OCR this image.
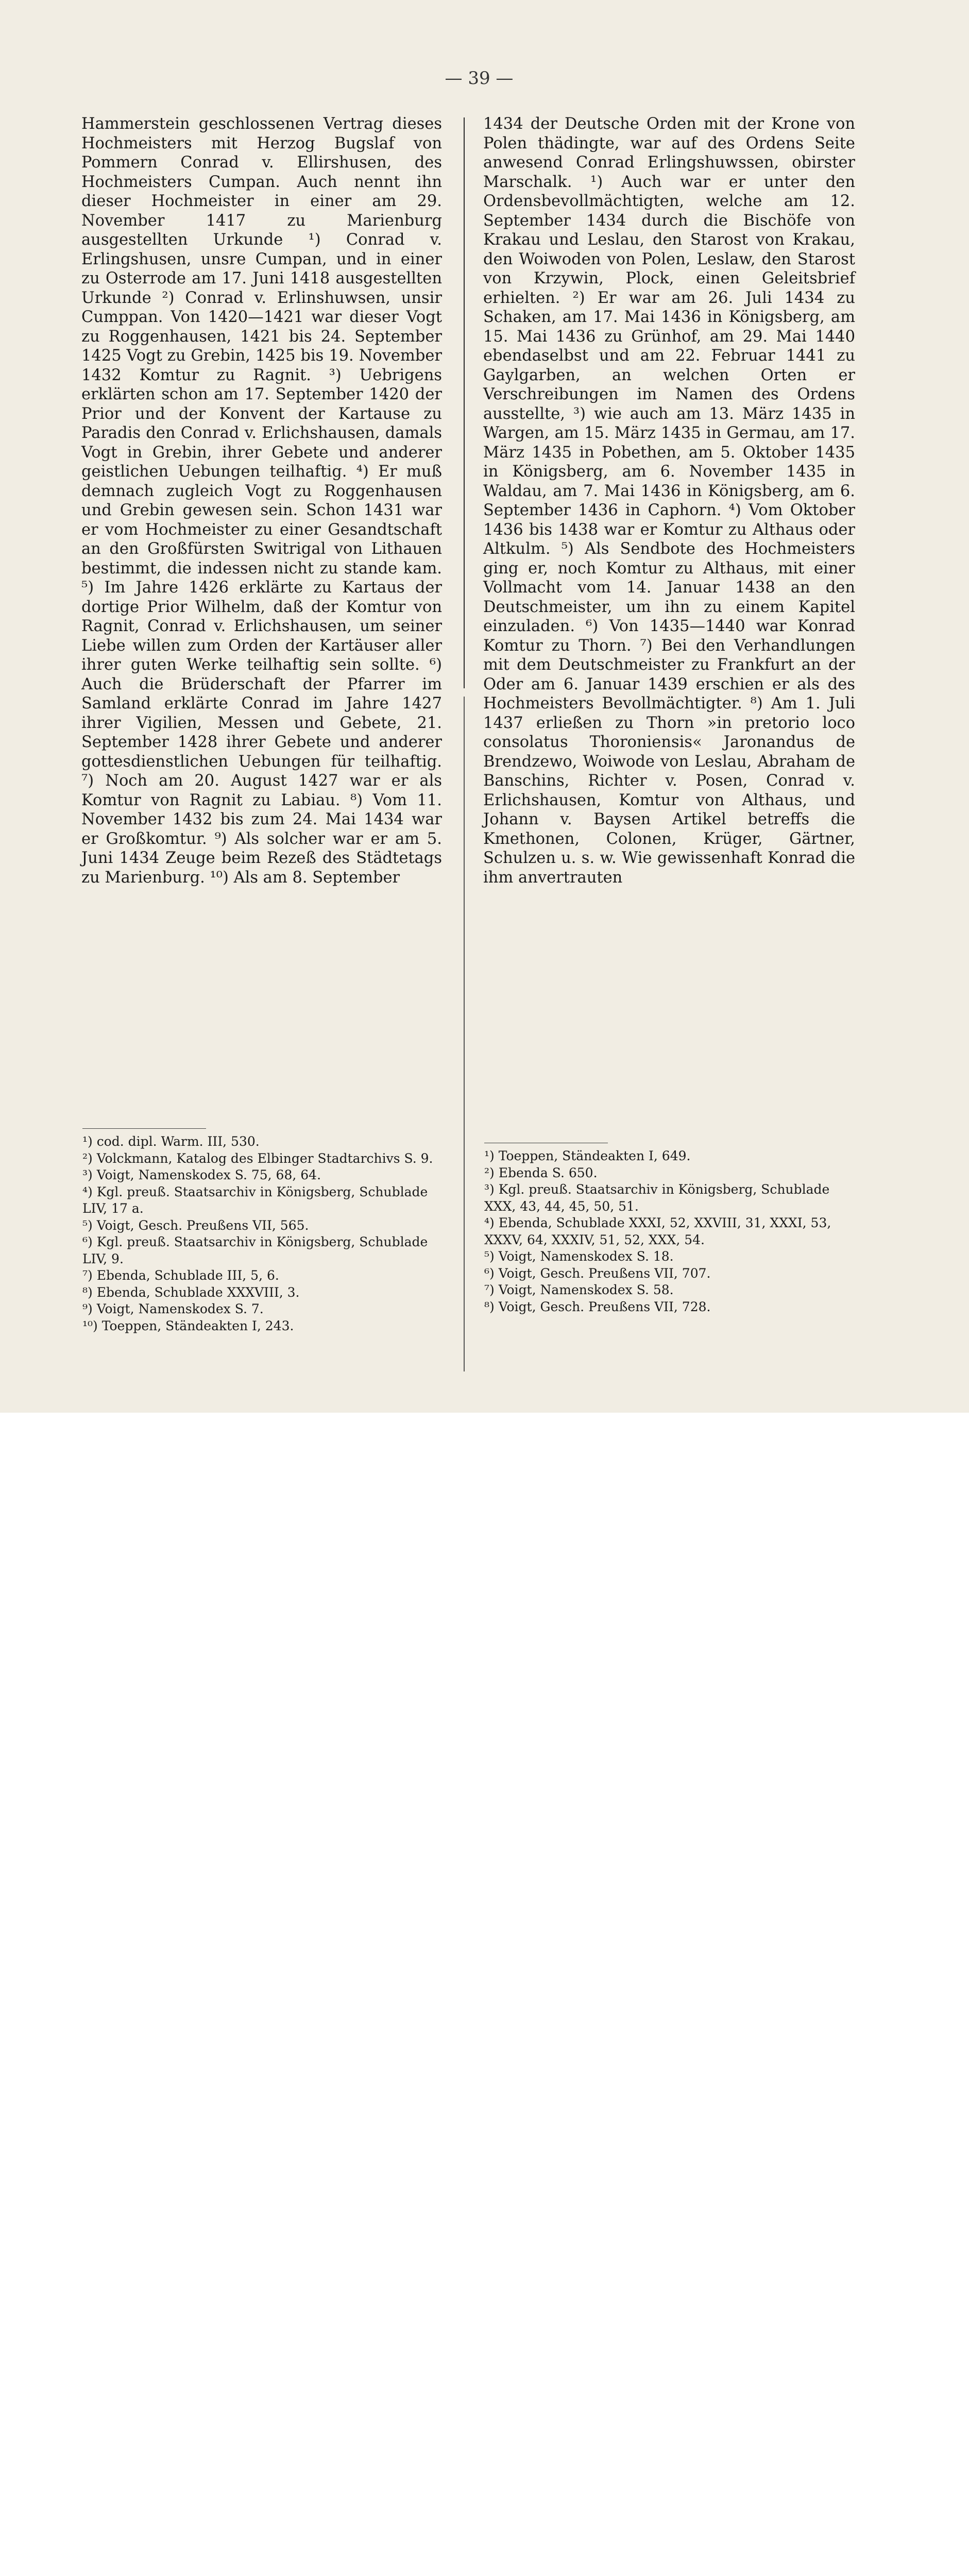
— 39 —

Hammerstein geschlossenen Vertrag dieses Hochmeisters mit Herzog Bugslaf von Pommern Conrad v. Ellirshusen, des Hochmeisters Cumpan. Auch nennt ihn dieser Hochmeister in einer am 29. November 1417 zu Marienburg ausgestellten Urkunde ¹) Conrad v. Erlingshusen, unsre Cumpan, und in einer zu Osterrode am 17. Juni 1418 ausgestellten Urkunde ²) Conrad v. Erlinshuwsen, unsir Cumppan. Von 1420—1421 war dieser Vogt zu Roggenhausen, 1421 bis 24. September 1425 Vogt zu Grebin, 1425 bis 19. November 1432 Komtur zu Ragnit. ³) Uebrigens erklärten schon am 17. September 1420 der Prior und der Konvent der Kartause zu Paradis den Conrad v. Erlichshausen, damals Vogt in Grebin, ihrer Gebete und anderer geistlichen Uebungen teilhaftig. ⁴) Er muß demnach zugleich Vogt zu Roggenhausen und Grebin gewesen sein. Schon 1431 war er vom Hochmeister zu einer Gesandtschaft an den Großfürsten Switrigal von Lithauen bestimmt, die indessen nicht zu stande kam. ⁵) Im Jahre 1426 erklärte zu Kartaus der dortige Prior Wilhelm, daß der Komtur von Ragnit, Conrad v. Erlichshausen, um seiner Liebe willen zum Orden der Kartäuser aller ihrer guten Werke teilhaftig sein sollte. ⁶) Auch die Brüderschaft der Pfarrer im Samland erklärte Conrad im Jahre 1427 ihrer Vigilien, Messen und Gebete, 21. September 1428 ihrer Gebete und anderer gottesdienstlichen Uebungen für teilhaftig. ⁷) Noch am 20. August 1427 war er als Komtur von Ragnit zu Labiau. ⁸) Vom 11. November 1432 bis zum 24. Mai 1434 war er Großkomtur. ⁹) Als solcher war er am 5. Juni 1434 Zeuge beim Rezeß des Städtetags zu Marienburg. ¹⁰) Als am 8. September

1434 der Deutsche Orden mit der Krone von Polen thädingte, war auf des Ordens Seite anwesend Conrad Erlingshuwssen, obirster Marschalk. ¹) Auch war er unter den Ordensbevollmächtigten, welche am 12. September 1434 durch die Bischöfe von Krakau und Leslau, den Starost von Krakau, den Woiwoden von Polen, Leslaw, den Starost von Krzywin, Plock, einen Geleitsbrief erhielten. ²) Er war am 26. Juli 1434 zu Schaken, am 17. Mai 1436 in Königsberg, am 15. Mai 1436 zu Grünhof, am 29. Mai 1440 ebendaselbst und am 22. Februar 1441 zu Gaylgarben, an welchen Orten er Verschreibungen im Namen des Ordens ausstellte, ³) wie auch am 13. März 1435 in Wargen, am 15. März 1435 in Germau, am 17. März 1435 in Pobethen, am 5. Oktober 1435 in Königsberg, am 6. November 1435 in Waldau, am 7. Mai 1436 in Königsberg, am 6. September 1436 in Caphorn. ⁴) Vom Oktober 1436 bis 1438 war er Komtur zu Althaus oder Altkulm. ⁵) Als Sendbote des Hochmeisters ging er, noch Komtur zu Althaus, mit einer Vollmacht vom 14. Januar 1438 an den Deutschmeister, um ihn zu einem Kapitel einzuladen. ⁶) Von 1435—1440 war Konrad Komtur zu Thorn. ⁷) Bei den Verhandlungen mit dem Deutschmeister zu Frankfurt an der Oder am 6. Januar 1439 erschien er als des Hochmeisters Bevollmächtigter. ⁸) Am 1. Juli 1437 erließen zu Thorn »in pretorio loco consolatus Thoroniensis« Jaronandus de Brendzewo, Woiwode von Leslau, Abraham de Banschins, Richter v. Posen, Conrad v. Erlichshausen, Komtur von Althaus, und Johann v. Baysen Artikel betreffs die Kmethonen, Colonen, Krüger, Gärtner, Schulzen u. s. w. Wie gewissenhaft Konrad die ihm anvertrauten

¹) cod. dipl. Warm. III, 530.
²) Volckmann, Katalog des Elbinger Stadtarchivs S. 9.
³) Voigt, Namenskodex S. 75, 68, 64.
⁴) Kgl. preuß. Staatsarchiv in Königsberg, Schublade LIV, 17 a.
⁵) Voigt, Gesch. Preußens VII, 565.
⁶) Kgl. preuß. Staatsarchiv in Königsberg, Schublade LIV, 9.
⁷) Ebenda, Schublade III, 5, 6.
⁸) Ebenda, Schublade XXXVIII, 3.
⁹) Voigt, Namenskodex S. 7.
¹⁰) Toeppen, Ständeakten I, 243.
¹) Toeppen, Ständeakten I, 649.
²) Ebenda S. 650.
³) Kgl. preuß. Staatsarchiv in Königsberg, Schublade XXX, 43, 44, 45, 50, 51.
⁴) Ebenda, Schublade XXXI, 52, XXVIII, 31, XXXI, 53, XXXV, 64, XXXIV, 51, 52, XXX, 54.
⁵) Voigt, Namenskodex S. 18.
⁶) Voigt, Gesch. Preußens VII, 707.
⁷) Voigt, Namenskodex S. 58.
⁸) Voigt, Gesch. Preußens VII, 728.
